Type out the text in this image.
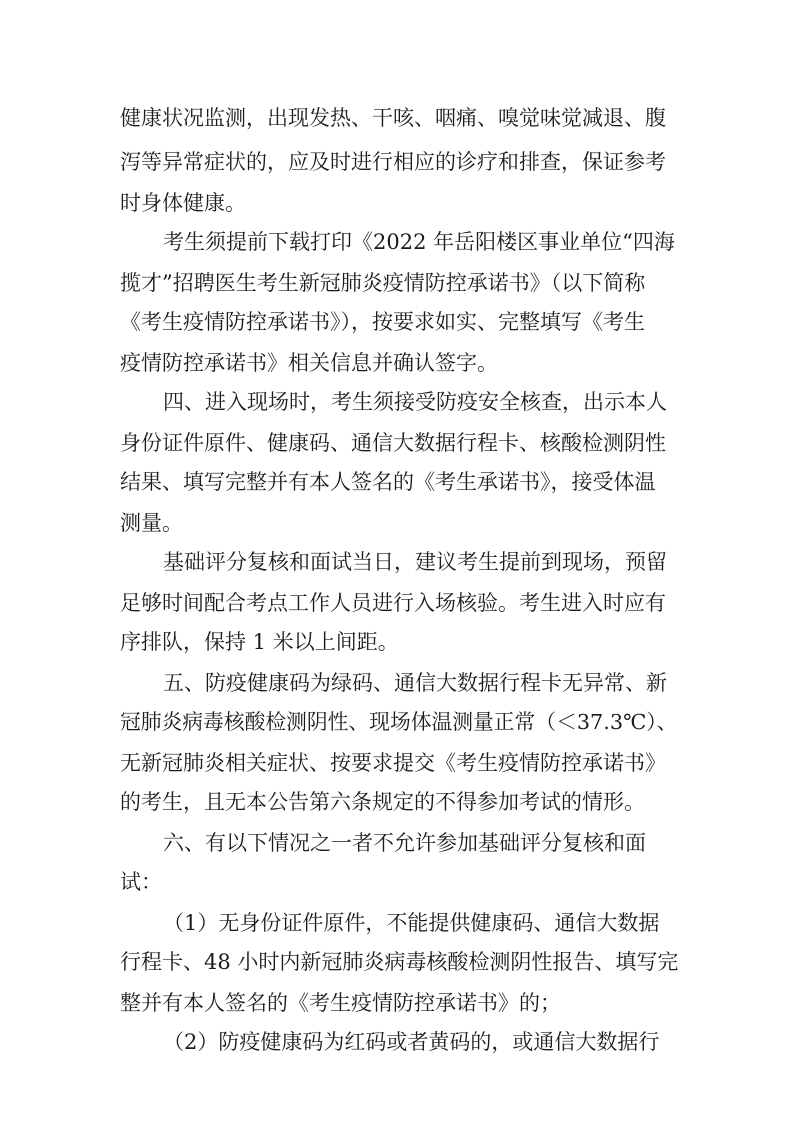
健康状况监测，出现发热、干咳、咽痛、嗅觉味觉减退、腹
泻等异常症状的，应及时进行相应的诊疗和排查，保证参考
时身体健康。
考生须提前下载打印《2022 年岳阳楼区事业单位“四海
揽才”招聘医生考生新冠肺炎疫情防控承诺书》（以下简称
《考生疫情防控承诺书》），按要求如实、完整填写《考生
疫情防控承诺书》相关信息并确认签字。
四、进入现场时，考生须接受防疫安全核查，出示本人
身份证件原件、健康码、通信大数据行程卡、核酸检测阴性
结果、填写完整并有本人签名的《考生承诺书》，接受体温
测量。
基础评分复核和面试当日，建议考生提前到现场，预留
足够时间配合考点工作人员进行入场核验。考生进入时应有
序排队，保持 1 米以上间距。
五、防疫健康码为绿码、通信大数据行程卡无异常、新
冠肺炎病毒核酸检测阴性、现场体温测量正常（＜37.3℃）、
无新冠肺炎相关症状、按要求提交《考生疫情防控承诺书》
的考生，且无本公告第六条规定的不得参加考试的情形。
六、有以下情况之一者不允许参加基础评分复核和面
试：
（1）无身份证件原件，不能提供健康码、通信大数据
行程卡、48 小时内新冠肺炎病毒核酸检测阴性报告、填写完
整并有本人签名的《考生疫情防控承诺书》的；
（2）防疫健康码为红码或者黄码的，或通信大数据行
